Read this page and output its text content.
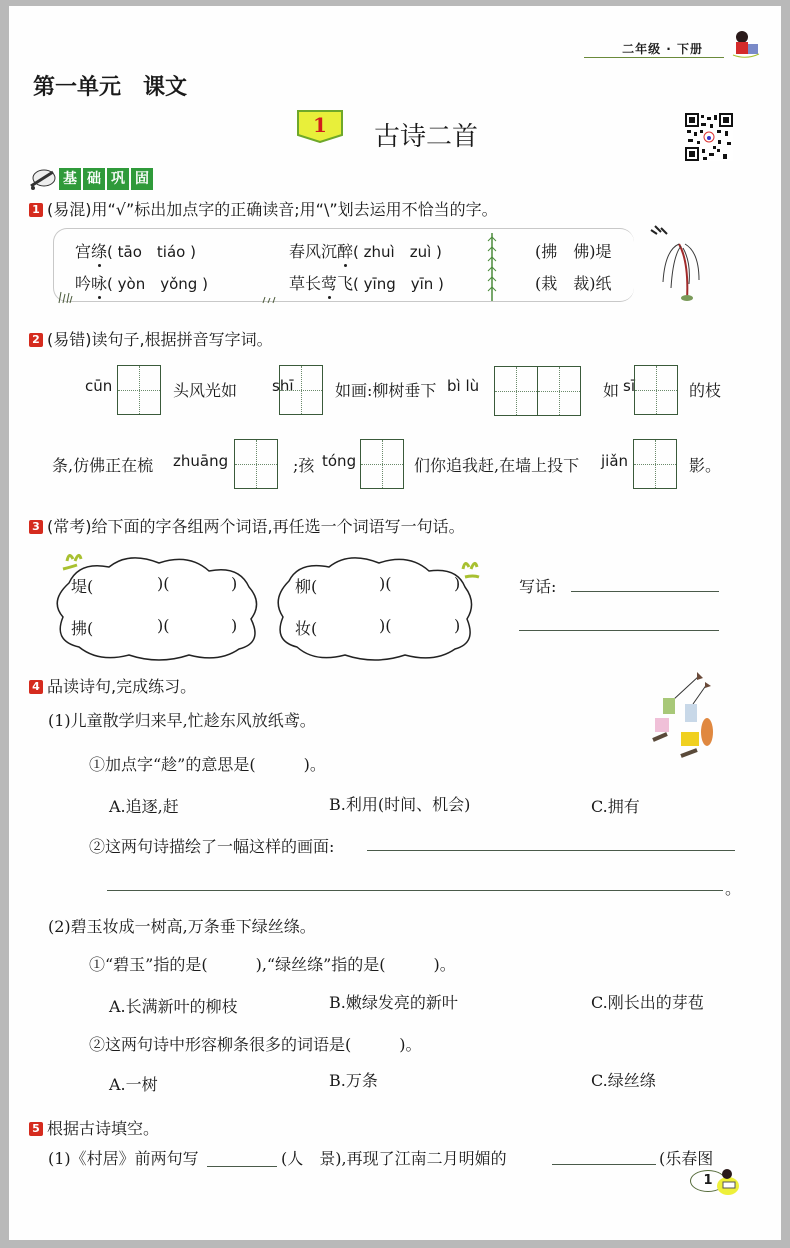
二年级 · 下册
第一单元　课文
1 古诗二首
基 础 巩 固
1 (易混)用“√”标出加点字的正确读音;用“\”划去运用不恰当的字。
宫绦( tāo　tiáo )
吟咏( yòn　yǒng )
春风沉醉( zhuì　zuì )
草长莺飞( yīng　yīn )
(拂　佛)堤
(栽　裁)纸
2 (易错)读句子,根据拼音写字词。
cūn	头风光如 shī	如画:柳树垂下 bì lù	如 sī	的枝
条,仿佛正在梳 zhuāng	;孩 tóng	们你追我赶,在墙上投下 jiǎn	影。
3 (常考)给下面的字各组两个词语,再任选一个词语写一句话。
堤(	)(	)
拂(	)(	)
柳(	)(	)
妆(	)(	)
写话:
4 品读诗句,完成练习。
(1)儿童散学归来早,忙趁东风放纸鸢。
①加点字“趁”的意思是(　　　)。
A.追逐,赶	B.利用(时间、机会)	C.拥有
②这两句诗描绘了一幅这样的画面:
。
(2)碧玉妆成一树高,万条垂下绿丝绦。
①“碧玉”指的是(　　　),“绿丝绦”指的是(　　　)。
A.长满新叶的柳枝	B.嫩绿发亮的新叶	C.刚长出的芽苞
②这两句诗中形容柳条很多的词语是(　　　)。
A.一树	B.万条	C.绿丝绦
5 根据古诗填空。
(1)《村居》前两句写	(人　景),再现了江南二月明媚的	(乐春图
1
